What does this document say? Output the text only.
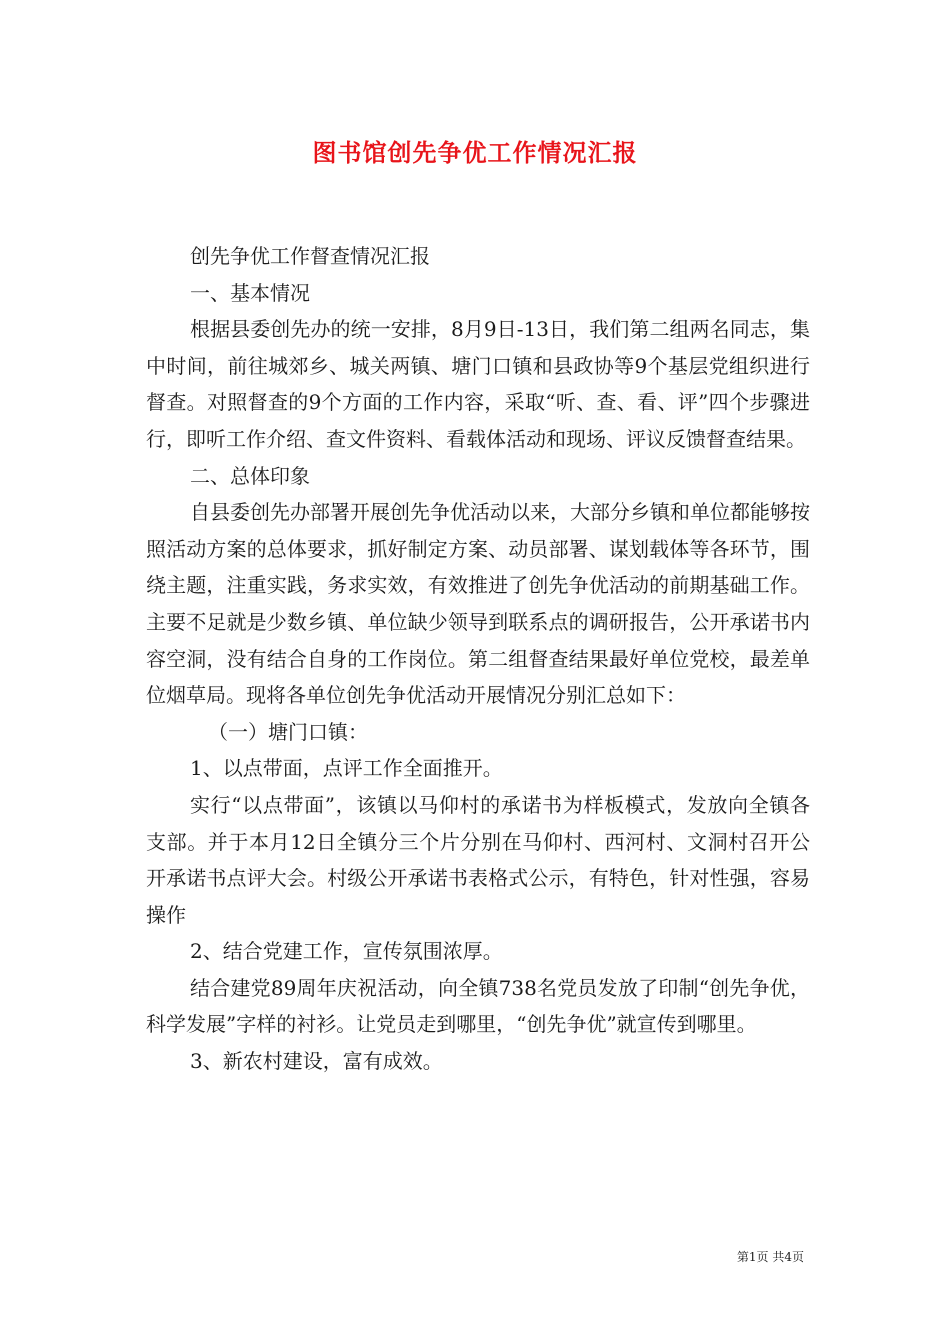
图书馆创先争优工作情况汇报

创先争优工作督查情况汇报

一、基本情况

根据县委创先办的统一安排，8月9日-13日，我们第二组两名同志，集中时间，前往城郊乡、城关两镇、塘门口镇和县政协等9个基层党组织进行督查。对照督查的9个方面的工作内容，采取“听、查、看、评”四个步骤进行，即听工作介绍、查文件资料、看载体活动和现场、评议反馈督查结果。

二、总体印象

自县委创先办部署开展创先争优活动以来，大部分乡镇和单位都能够按照活动方案的总体要求，抓好制定方案、动员部署、谋划载体等各环节，围绕主题，注重实践，务求实效，有效推进了创先争优活动的前期基础工作。主要不足就是少数乡镇、单位缺少领导到联系点的调研报告，公开承诺书内容空洞，没有结合自身的工作岗位。第二组督查结果最好单位党校，最差单位烟草局。现将各单位创先争优活动开展情况分别汇总如下：

（一）塘门口镇：

1、以点带面，点评工作全面推开。

实行“以点带面”，该镇以马仰村的承诺书为样板模式，发放向全镇各支部。并于本月12日全镇分三个片分别在马仰村、西河村、文洞村召开公开承诺书点评大会。村级公开承诺书表格式公示，有特色，针对性强，容易操作

2、结合党建工作，宣传氛围浓厚。

结合建党89周年庆祝活动，向全镇738名党员发放了印制“创先争优，科学发展”字样的衬衫。让党员走到哪里，“创先争优”就宣传到哪里。

3、新农村建设，富有成效。

第1页 共4页
